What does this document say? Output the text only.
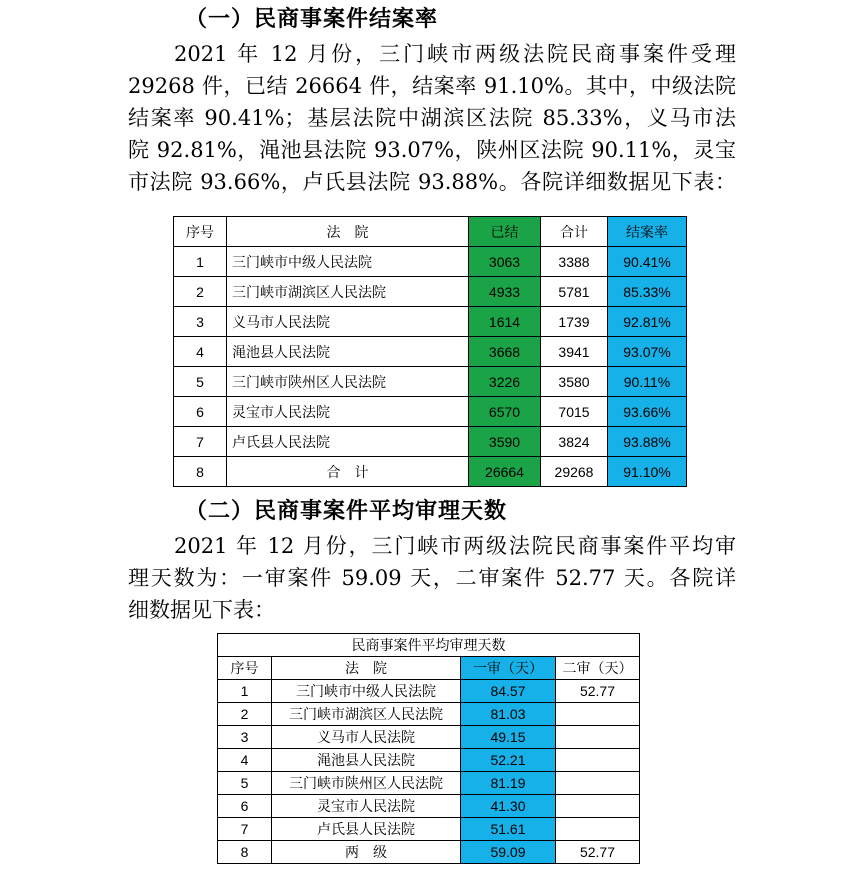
（一）民商事案件结案率
2021 年 12 月份，三门峡市两级法院民商事案件受理
29268 件，已结 26664 件，结案率 91.10%。其中，中级法院
结案率 90.41%；基层法院中湖滨区法院 85.33%，义马市法
院 92.81%，渑池县法院 93.07%，陕州区法院 90.11%，灵宝
市法院 93.66%，卢氏县法院 93.88%。各院详细数据见下表：
序号	法　院	已结	合计	结案率
1	三门峡市中级人民法院	3063	3388	90.41%
2	三门峡市湖滨区人民法院	4933	5781	85.33%
3	义马市人民法院	1614	1739	92.81%
4	渑池县人民法院	3668	3941	93.07%
5	三门峡市陕州区人民法院	3226	3580	90.11%
6	灵宝市人民法院	6570	7015	93.66%
7	卢氏县人民法院	3590	3824	93.88%
8	合　计	26664	29268	91.10%
（二）民商事案件平均审理天数
2021 年 12 月份，三门峡市两级法院民商事案件平均审
理天数为：一审案件 59.09 天，二审案件 52.77 天。各院详
细数据见下表：
民商事案件平均审理天数			
序号	法　院	一审（天）	二审（天）
1	三门峡市中级人民法院	84.57	52.77
2	三门峡市湖滨区人民法院	81.03	
3	义马市人民法院	49.15	
4	渑池县人民法院	52.21	
5	三门峡市陕州区人民法院	81.19	
6	灵宝市人民法院	41.30	
7	卢氏县人民法院	51.61	
8	两　级	59.09	52.77
